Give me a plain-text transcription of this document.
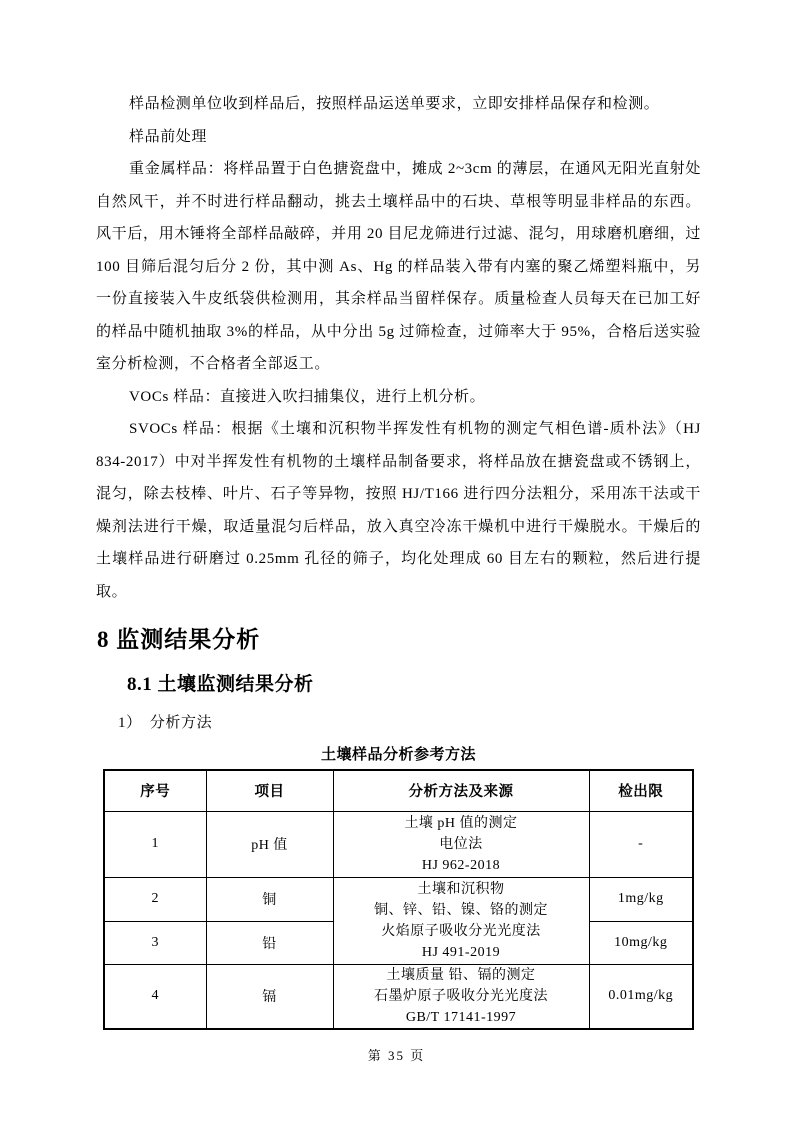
样品检测单位收到样品后，按照样品运送单要求，立即安排样品保存和检测。

样品前处理

重金属样品：将样品置于白色搪瓷盘中，摊成 2~3cm 的薄层，在通风无阳光直射处自然风干，并不时进行样品翻动，挑去土壤样品中的石块、草根等明显非样品的东西。风干后，用木锤将全部样品敲碎，并用 20 目尼龙筛进行过滤、混匀，用球磨机磨细，过 100 目筛后混匀后分 2 份，其中测 As、Hg 的样品装入带有内塞的聚乙烯塑料瓶中，另一份直接装入牛皮纸袋供检测用，其余样品当留样保存。质量检查人员每天在已加工好的样品中随机抽取 3%的样品，从中分出 5g 过筛检查，过筛率大于 95%，合格后送实验室分析检测，不合格者全部返工。

VOCs 样品：直接进入吹扫捕集仪，进行上机分析。

SVOCs 样品：根据《土壤和沉积物半挥发性有机物的测定气相色谱-质朴法》（HJ 834-2017）中对半挥发性有机物的土壤样品制备要求，将样品放在搪瓷盘或不锈钢上，混匀，除去枝棒、叶片、石子等异物，按照 HJ/T166 进行四分法粗分，采用冻干法或干燥剂法进行干燥，取适量混匀后样品，放入真空冷冻干燥机中进行干燥脱水。干燥后的土壤样品进行研磨过 0.25mm 孔径的筛子，均化处理成 60 目左右的颗粒，然后进行提取。

8 监测结果分析
8.1 土壤监测结果分析

1）　分析方法

土壤样品分析参考方法
序号	项目	分析方法及来源	检出限
1	pH 值	土壤 pH 值的测定
电位法
HJ 962-2018	-
2	铜	土壤和沉积物
铜、锌、铅、镍、铬的测定
火焰原子吸收分光光度法
HJ 491-2019	1mg/kg
3	铅		10mg/kg
4	镉	土壤质量 铅、镉的测定
石墨炉原子吸收分光光度法
GB/T 17141-1997	0.01mg/kg
第 35 页
